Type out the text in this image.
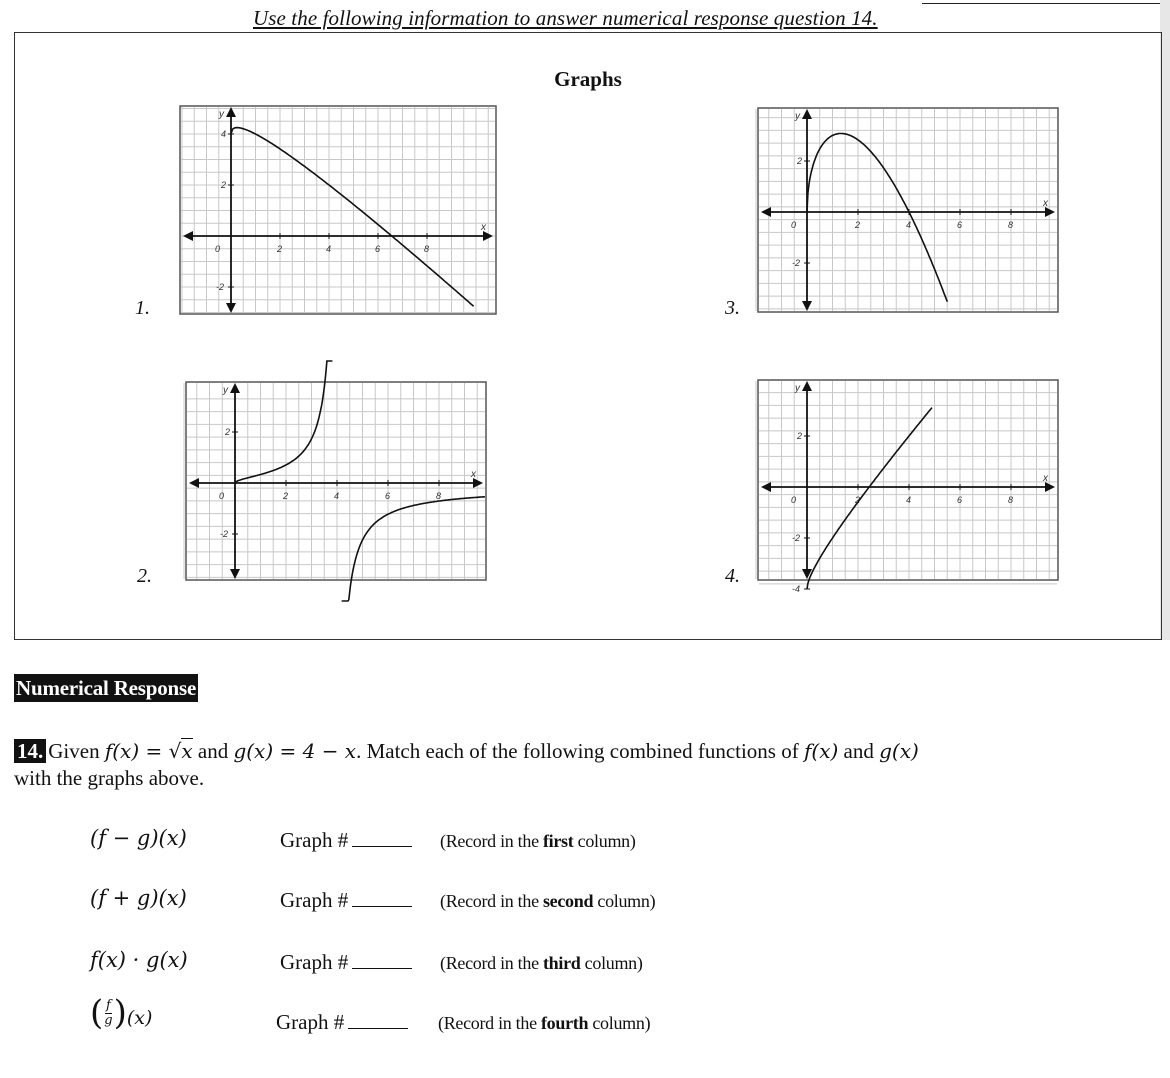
Use the following information to answer numerical response question 14.
Graphs
1.
0	2	4	6	8
4
2
-2
x
y
2.
0	2	4	6	8
2
-2
x
y
3.
0	2	4	6	8
2
-2
x
y
4.
0	2	4	6	8
2
-2
-4
x
y
Numerical Response
14. Given f(x) = √x and g(x) = 4 − x. Match each of the following combined functions of f(x) and g(x)
with the graphs above.
(f − g)(x)	Graph #	(Record in the first column)
(f + g)(x)	Graph #	(Record in the second column)
f(x) · g(x)	Graph #	(Record in the third column)
( f
g ) (x)	Graph #	(Record in the fourth column)
